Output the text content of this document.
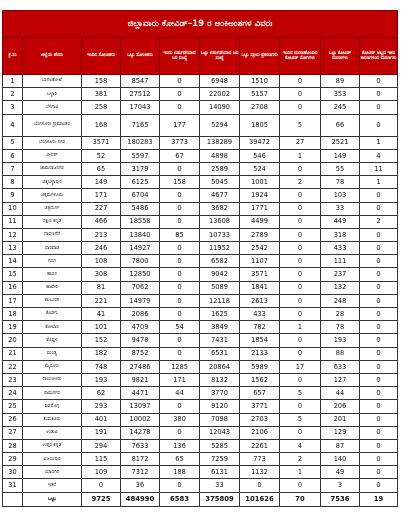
ಜಿಲ್ಲಾವಾರು ಕೋವಿಡ್–19 ರ ಅಂಕಿಅಂಶಗಳ ವಿವರಃ									
ಕ್ರ.ಸಂ	ಜಿಲ್ಲೆಯ ಹೆಸರು	ಇಂದಿನ ಸೋಂಕಿತರು	ಒಟ್ಟು ಸೋಂಕಿತರು	ಇಂದು ಬಿಡುಗಡೆಯಾದ ಜನ ಸಂಖ್ಯೆ	ಒಟ್ಟು ಬಿಡುಗಡೆಯಾದ ಜನ ಸಂಖ್ಯೆ	ಒಟ್ಟು ಸಕ್ರಿಯ ಪ್ರಕರಣಗಳು	ಇಂದಿನ ಮರಣಹೊಂದಿದ ಕೋವಿಡ್ ರೋಗಿಗಳು	ಒಟ್ಟು ಕೋವಿಡ್ ಮರಣಗಳು	ಕೋವಿಡ್ ಅಲ್ಲದ ಇತರ ಕಾರಣಗಳಿಂದ ಮರಣಗಳು
1	ಬಾಗಲಕೋಟೆ	158	8547	0	6948	1510	0	89	0
2	ಬಳ್ಳಾರಿ	381	27512	0	22002	5157	0	353	0
3	ಬೆಳಗಾವಿ	258	17043	0	14090	2708	0	245	0
4	ಬೆಂಗಳೂರು ಗ್ರಾಮಾಂತರ	168	7165	177	5294	1805	5	66	0
5	ಬೆಂಗಳೂರು ನಗರ	3571	180283	3773	138289	39472	27	2521	1
6	ಬೀದರ್	52	5597	67	4898	546	1	149	4
7	ಚಾಮರಾಜನಗರ	65	3179	0	2589	524	0	55	11
8	ಚಿಕ್ಕಬಳ್ಳಾಪುರ	149	6125	158	5045	1001	2	78	1
9	ಚಿಕ್ಕಮಗಳೂರು	171	6704	0	4677	1924	0	103	0
10	ಚಿತ್ರದುರ್ಗ	227	5486	0	3682	1771	0	33	0
11	ದಕ್ಷಿಣ ಕನ್ನಡ	466	18558	0	13608	4499	0	449	2
12	ದಾವಣಗೆರೆ	213	13840	85	10733	2789	0	318	0
13	ಧಾರವಾಡ	246	14927	0	11952	2542	0	433	0
14	ಗದಗ	108	7800	0	6582	1107	0	111	0
15	ಹಾಸನ	308	12850	0	9042	3571	0	237	0
16	ಹಾವೇರಿ	81	7062	0	5089	1841	0	132	0
17	ಕಲಬುರಗಿ	221	14979	0	12118	2613	0	248	0
18	ಕೊಡಗು	41	2086	0	1625	433	0	28	0
19	ಕೋಲಾರ	101	4709	54	3849	782	1	78	0
20	ಕೊಪ್ಪಳ	152	9478	0	7431	1854	0	193	0
21	ಮಂಡ್ಯ	182	8752	0	6531	2133	0	88	0
22	ಮೈಸೂರು	748	27486	1285	20864	5989	17	633	0
23	ರಾಯಚೂರು	193	9821	171	8132	1562	0	127	0
24	ರಾಮನಗರ	62	4471	44	3770	657	5	44	0
25	ಶಿವಮೊಗ್ಗ	293	13097	0	9120	3771	0	206	0
26	ತುಮಕೂರು	401	10002	380	7098	2703	5	201	0
27	ಉಡುಪಿ	191	14278	0	12043	2106	0	129	0
28	ಉತ್ತರ ಕನ್ನಡ	294	7633	136	5285	2261	4	87	0
29	ವಿಜಯಪುರ	115	8172	65	7259	773	2	140	0
30	ಯಾದಗಿರಿ	109	7312	188	6131	1132	1	49	0
31	ಇತರೆ	0	36	0	33	0	0	3	0
	ಒಟ್ಟು	9725	484990	6583	375809	101626	70	7536	19
